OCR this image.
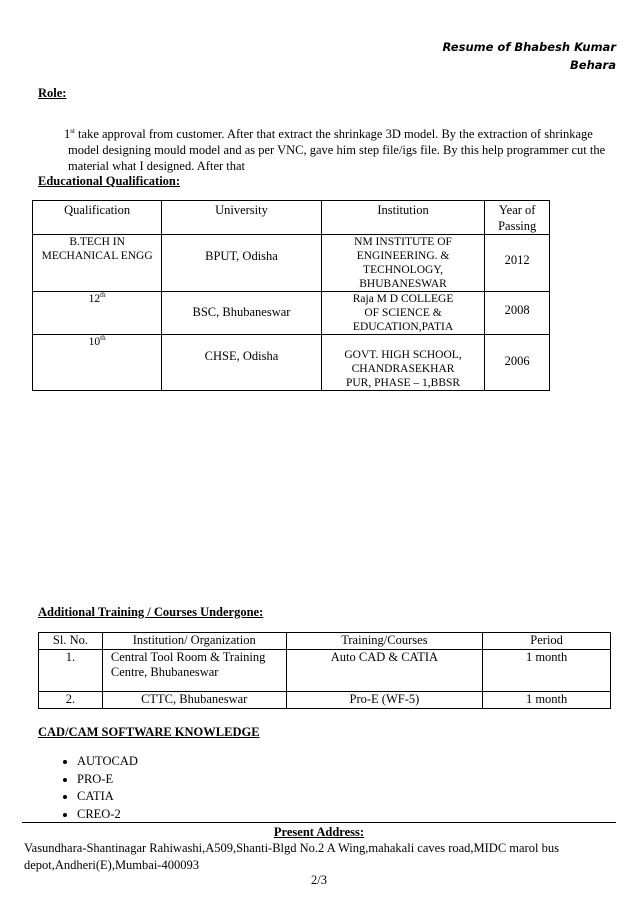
Resume of Bhabesh Kumar
Behara
Role:
1st take approval from customer. After that extract the shrinkage 3D model. By the extraction of shrinkage model designing mould model and as per VNC, gave him step file/igs file. By this help programmer cut the material what I designed. After that
Educational Qualification:
Qualification	University	Institution	Year of Passing
B.TECH IN MECHANICAL ENGG	BPUT, Odisha	NM INSTITUTE OF ENGINEERING. & TECHNOLOGY, BHUBANESWAR	2012
12th	BSC, Bhubaneswar	Raja M D COLLEGE OF SCIENCE & EDUCATION,PATIA	2008
10th	CHSE, Odisha	GOVT. HIGH SCHOOL, CHANDRASEKHAR PUR, PHASE – 1,BBSR	2006
Additional Training / Courses Undergone:
Sl. No.	Institution/ Organization	Training/Courses	Period
1.	Central Tool Room & Training Centre, Bhubaneswar	Auto CAD & CATIA	1 month
2.	CTTC, Bhubaneswar	Pro-E (WF-5)	1 month
CAD/CAM SOFTWARE KNOWLEDGE
• AUTOCAD
• PRO-E
• CATIA
• CREO-2
Present Address:
Vasundhara-Shantinagar Rahiwashi,A509,Shanti-Blgd No.2 A Wing,mahakali caves road,MIDC marol bus depot,Andheri(E),Mumbai-400093
2/3
